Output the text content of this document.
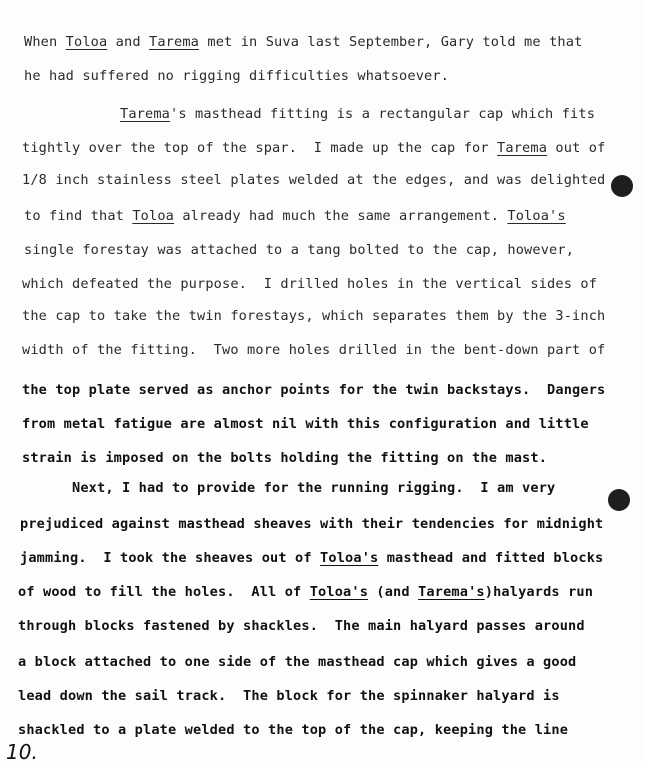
When Toloa and Tarema met in Suva last September, Gary told me that
he had suffered no rigging difficulties whatsoever.
Tarema's masthead fitting is a rectangular cap which fits
tightly over the top of the spar.  I made up the cap for Tarema out of
1/8 inch stainless steel plates welded at the edges, and was delighted
to find that Toloa already had much the same arrangement. Toloa's
single forestay was attached to a tang bolted to the cap, however,
which defeated the purpose.  I drilled holes in the vertical sides of
the cap to take the twin forestays, which separates them by the 3-inch
width of the fitting.  Two more holes drilled in the bent-down part of
the top plate served as anchor points for the twin backstays.  Dangers
from metal fatigue are almost nil with this configuration and little
strain is imposed on the bolts holding the fitting on the mast.
Next, I had to provide for the running rigging.  I am very
prejudiced against masthead sheaves with their tendencies for midnight
jamming.  I took the sheaves out of Toloa's masthead and fitted blocks
of wood to fill the holes.  All of Toloa's (and Tarema's)halyards run
through blocks fastened by shackles.  The main halyard passes around
a block attached to one side of the masthead cap which gives a good
lead down the sail track.  The block for the spinnaker halyard is
shackled to a plate welded to the top of the cap, keeping the line
10.
